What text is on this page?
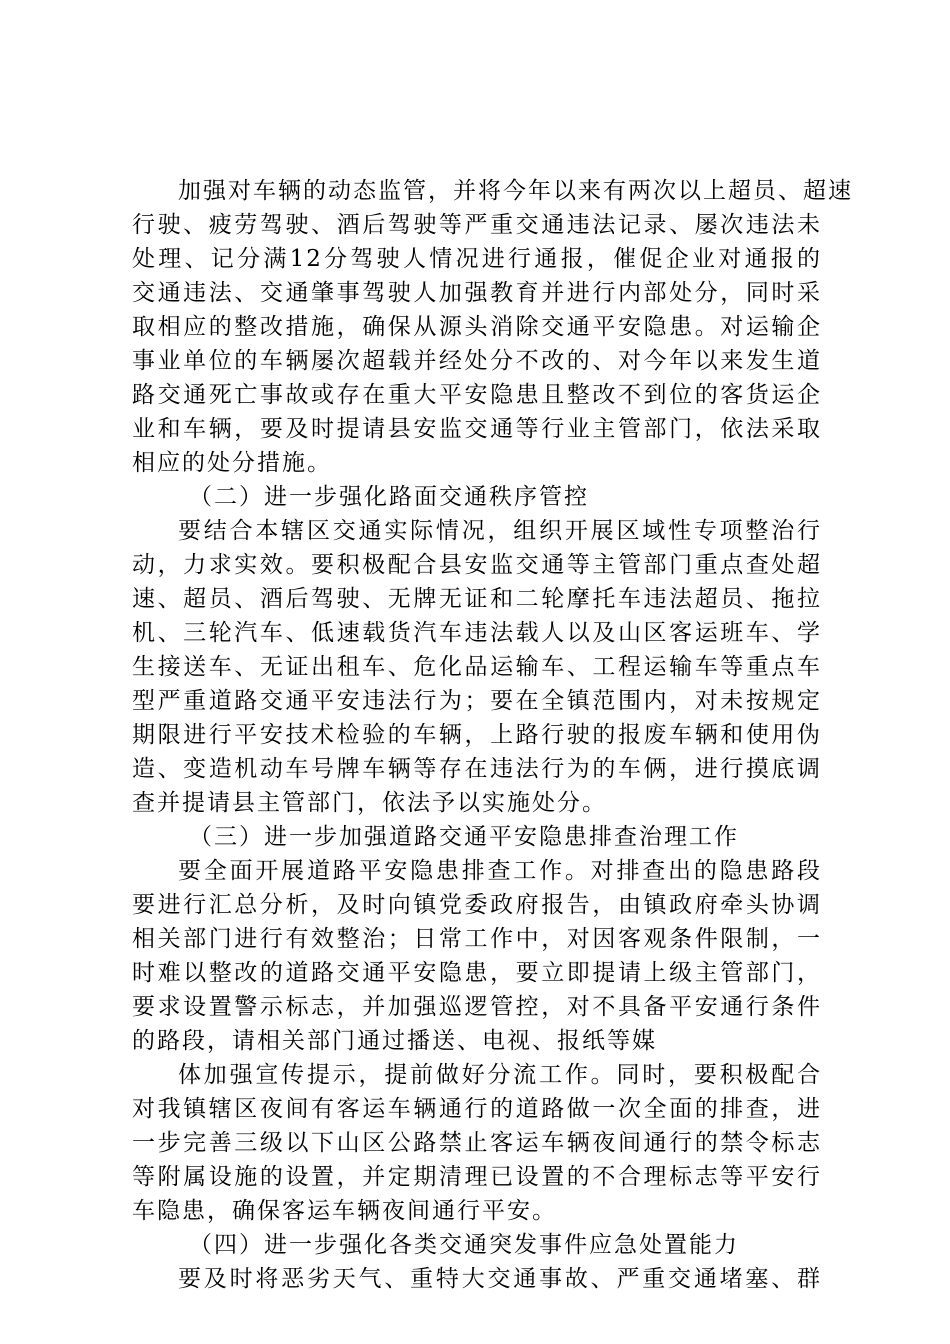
加强对车辆的动态监管，并将今年以来有两次以上超员、超速
行驶、疲劳驾驶、酒后驾驶等严重交通违法记录、屡次违法未
处理、记分满12分驾驶人情况进行通报，催促企业对通报的
交通违法、交通肇事驾驶人加强教育并进行内部处分，同时采
取相应的整改措施，确保从源头消除交通平安隐患。对运输企
事业单位的车辆屡次超载并经处分不改的、对今年以来发生道
路交通死亡事故或存在重大平安隐患且整改不到位的客货运企
业和车辆，要及时提请县安监交通等行业主管部门，依法采取
相应的处分措施。
（二）进一步强化路面交通秩序管控
要结合本辖区交通实际情况，组织开展区域性专项整治行
动，力求实效。要积极配合县安监交通等主管部门重点查处超
速、超员、酒后驾驶、无牌无证和二轮摩托车违法超员、拖拉
机、三轮汽车、低速载货汽车违法载人以及山区客运班车、学
生接送车、无证出租车、危化品运输车、工程运输车等重点车
型严重道路交通平安违法行为；要在全镇范围内，对未按规定
期限进行平安技术检验的车辆，上路行驶的报废车辆和使用伪
造、变造机动车号牌车辆等存在违法行为的车俩，进行摸底调
查并提请县主管部门，依法予以实施处分。
（三）进一步加强道路交通平安隐患排查治理工作
要全面开展道路平安隐患排查工作。对排查出的隐患路段
要进行汇总分析，及时向镇党委政府报告，由镇政府牵头协调
相关部门进行有效整治；日常工作中，对因客观条件限制，一
时难以整改的道路交通平安隐患，要立即提请上级主管部门，
要求设置警示标志，并加强巡逻管控，对不具备平安通行条件
的路段，请相关部门通过播送、电视、报纸等媒
体加强宣传提示，提前做好分流工作。同时，要积极配合
对我镇辖区夜间有客运车辆通行的道路做一次全面的排查，进
一步完善三级以下山区公路禁止客运车辆夜间通行的禁令标志
等附属设施的设置，并定期清理已设置的不合理标志等平安行
车隐患，确保客运车辆夜间通行平安。
（四）进一步强化各类交通突发事件应急处置能力
要及时将恶劣天气、重特大交通事故、严重交通堵塞、群
